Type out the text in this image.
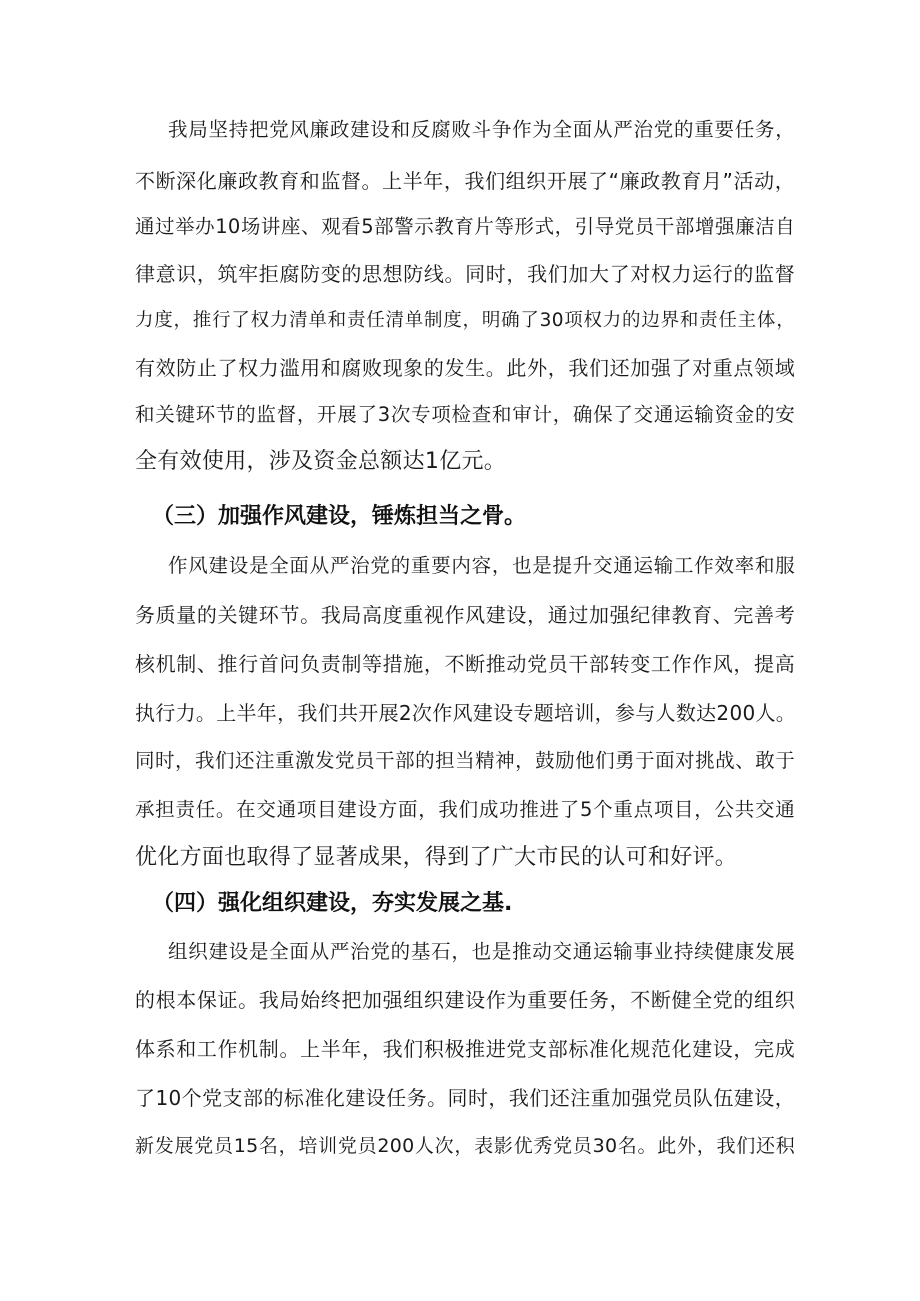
我局坚持把党风廉政建设和反腐败斗争作为全面从严治党的重要任务，
不断深化廉政教育和监督。上半年，我们组织开展了“廉政教育月”活动，
通过举办10场讲座、观看5部警示教育片等形式，引导党员干部增强廉洁自
律意识，筑牢拒腐防变的思想防线。同时，我们加大了对权力运行的监督
力度，推行了权力清单和责任清单制度，明确了30项权力的边界和责任主体，
有效防止了权力滥用和腐败现象的发生。此外，我们还加强了对重点领域
和关键环节的监督，开展了3次专项检查和审计，确保了交通运输资金的安
全有效使用，涉及资金总额达1亿元。
（三）加强作风建设，锤炼担当之骨。
作风建设是全面从严治党的重要内容，也是提升交通运输工作效率和服
务质量的关键环节。我局高度重视作风建设，通过加强纪律教育、完善考
核机制、推行首问负责制等措施，不断推动党员干部转变工作作风，提高
执行力。上半年，我们共开展2次作风建设专题培训，参与人数达200人。
同时，我们还注重激发党员干部的担当精神，鼓励他们勇于面对挑战、敢于
承担责任。在交通项目建设方面，我们成功推进了5个重点项目，公共交通
优化方面也取得了显著成果，得到了广大市民的认可和好评。
（四）强化组织建设，夯实发展之基.
组织建设是全面从严治党的基石，也是推动交通运输事业持续健康发展
的根本保证。我局始终把加强组织建设作为重要任务，不断健全党的组织
体系和工作机制。上半年，我们积极推进党支部标准化规范化建设，完成
了10个党支部的标准化建设任务。同时，我们还注重加强党员队伍建设，
新发展党员15名，培训党员200人次，表影优秀党员30名。此外，我们还积
